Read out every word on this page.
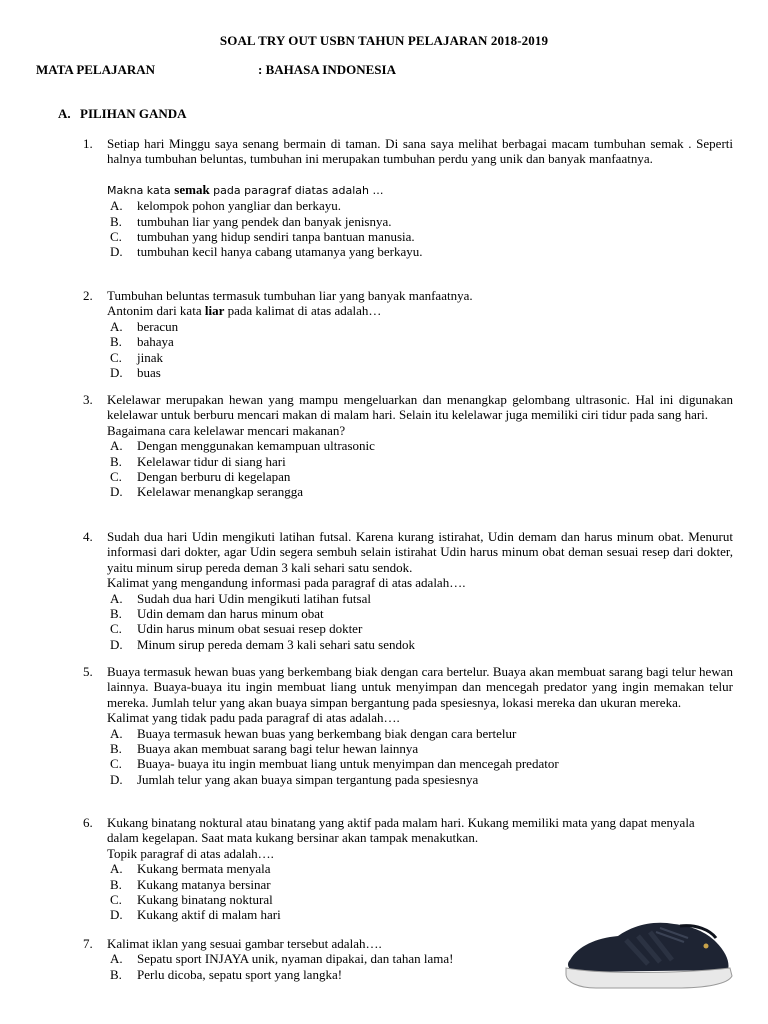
SOAL TRY OUT USBN TAHUN PELAJARAN 2018-2019
MATA PELAJARAN	: BAHASA INDONESIA
A. PILIHAN GANDA
1.	Setiap hari Minggu saya senang bermain di taman. Di sana saya melihat berbagai macam tumbuhan semak . Seperti halnya tumbuhan beluntas, tumbuhan ini merupakan tumbuhan perdu yang unik dan banyak manfaatnya.
Makna kata semak pada paragraf diatas adalah …
A. kelompok pohon yangliar dan berkayu.
B. tumbuhan liar yang pendek dan banyak jenisnya.
C. tumbuhan yang hidup sendiri tanpa bantuan manusia.
D. tumbuhan kecil hanya cabang utamanya yang berkayu.
2.	Tumbuhan beluntas termasuk tumbuhan liar yang banyak manfaatnya.
Antonim dari kata liar pada kalimat di atas adalah…
A. beracun
B. bahaya
C. jinak
D. buas
3.	Kelelawar merupakan hewan yang mampu mengeluarkan dan menangkap gelombang ultrasonic. Hal ini digunakan kelelawar untuk berburu mencari makan di malam hari. Selain itu kelelawar juga memiliki ciri tidur pada sang hari.
Bagaimana cara kelelawar mencari makanan?
A. Dengan menggunakan kemampuan ultrasonic
B. Kelelawar tidur di siang hari
C. Dengan berburu di kegelapan
D. Kelelawar menangkap serangga
4.	Sudah dua hari Udin mengikuti latihan futsal. Karena kurang istirahat, Udin demam dan harus minum obat. Menurut informasi dari dokter, agar Udin segera sembuh selain istirahat Udin harus minum obat deman sesuai resep dari dokter, yaitu minum sirup pereda deman 3 kali sehari satu sendok.
Kalimat yang mengandung informasi pada paragraf di atas adalah….
A. Sudah dua hari Udin mengikuti latihan futsal
B. Udin demam dan harus minum obat
C. Udin harus minum obat sesuai resep dokter
D. Minum sirup pereda demam 3 kali sehari satu sendok
5.	Buaya termasuk hewan buas yang berkembang biak dengan cara bertelur. Buaya akan membuat sarang bagi telur hewan lainnya. Buaya-buaya itu ingin membuat liang untuk menyimpan dan mencegah predator yang ingin memakan telur mereka. Jumlah telur yang akan buaya simpan bergantung pada spesiesnya, lokasi mereka dan ukuran mereka.
Kalimat yang tidak padu pada paragraf di atas adalah….
A. Buaya termasuk hewan buas yang berkembang biak dengan cara bertelur
B. Buaya akan membuat sarang bagi telur hewan lainnya
C. Buaya- buaya itu ingin membuat liang untuk menyimpan dan mencegah predator
D. Jumlah telur yang akan buaya simpan tergantung pada spesiesnya
6.	Kukang binatang noktural atau binatang yang aktif pada malam hari. Kukang memiliki mata yang dapat menyala dalam kegelapan. Saat mata kukang bersinar akan tampak menakutkan.
Topik paragraf di atas adalah….
A. Kukang bermata menyala
B. Kukang matanya bersinar
C. Kukang binatang noktural
D. Kukang aktif di malam hari
7.	Kalimat iklan yang sesuai gambar tersebut adalah….
A. Sepatu sport INJAYA unik, nyaman dipakai, dan tahan lama!
B. Perlu dicoba, sepatu sport yang langka!
